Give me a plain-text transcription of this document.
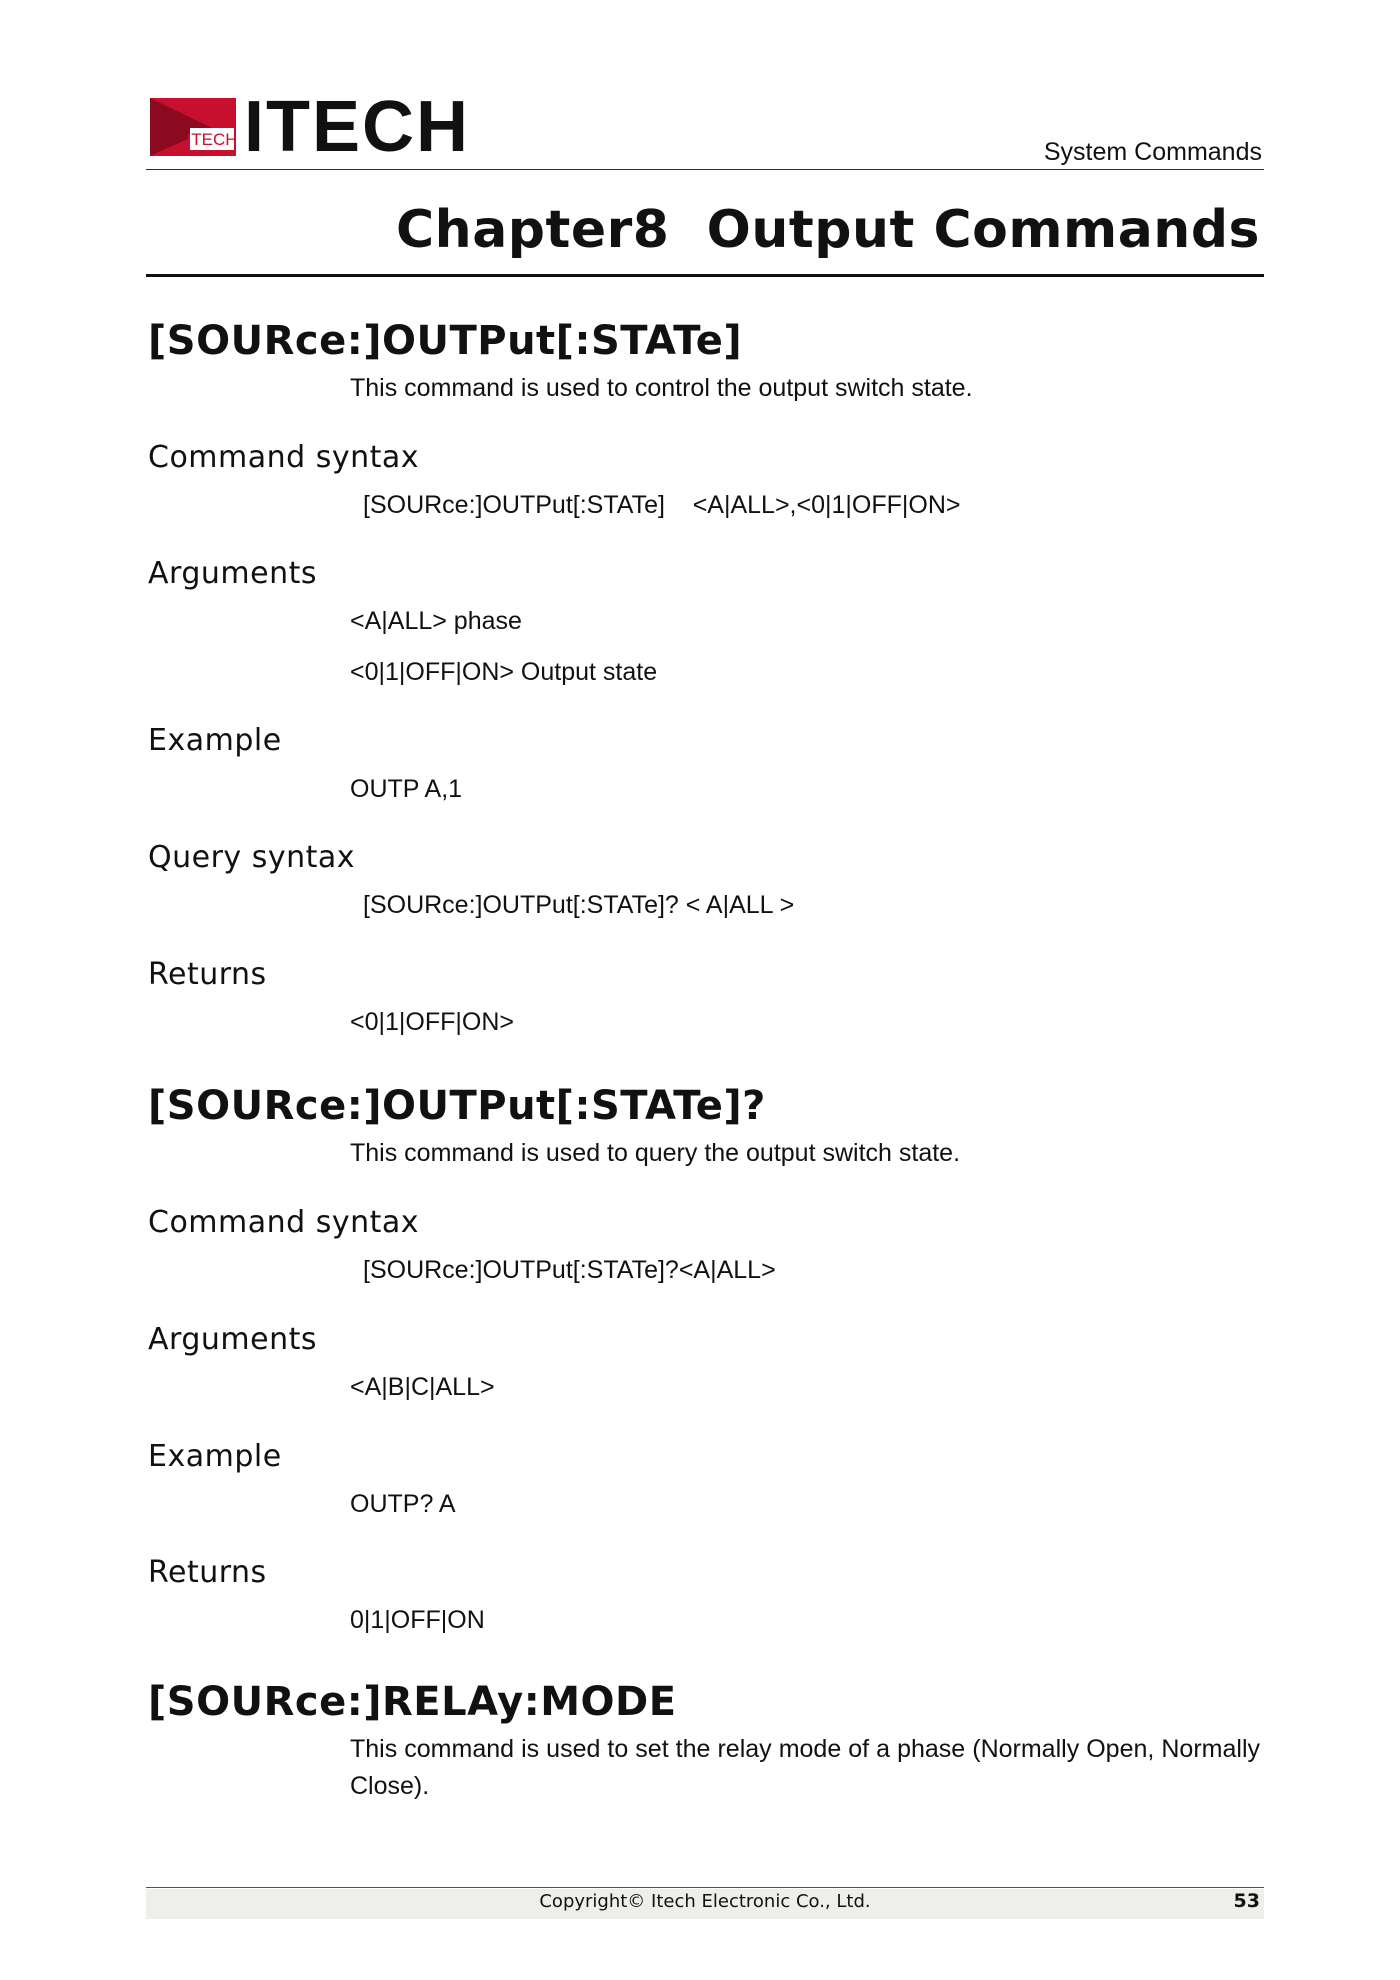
ITECH ITECH	System Commands
Chapter8  Output Commands
[SOURce:]OUTPut[:STATe]
This command is used to control the output switch state.
Command syntax
[SOURce:]OUTPut[:STATe]    <A|ALL>,<0|1|OFF|ON>
Arguments
<A|ALL> phase
<0|1|OFF|ON> Output state
Example
OUTP A,1
Query syntax
[SOURce:]OUTPut[:STATe]? < A|ALL >
Returns
<0|1|OFF|ON>
[SOURce:]OUTPut[:STATe]?
This command is used to query the output switch state.
Command syntax
[SOURce:]OUTPut[:STATe]?<A|ALL>
Arguments
<A|B|C|ALL>
Example
OUTP? A
Returns
0|1|OFF|ON
[SOURce:]RELAy:MODE
This command is used to set the relay mode of a phase (Normally Open, Normally Close).
Copyright© Itech Electronic Co., Ltd.	53
